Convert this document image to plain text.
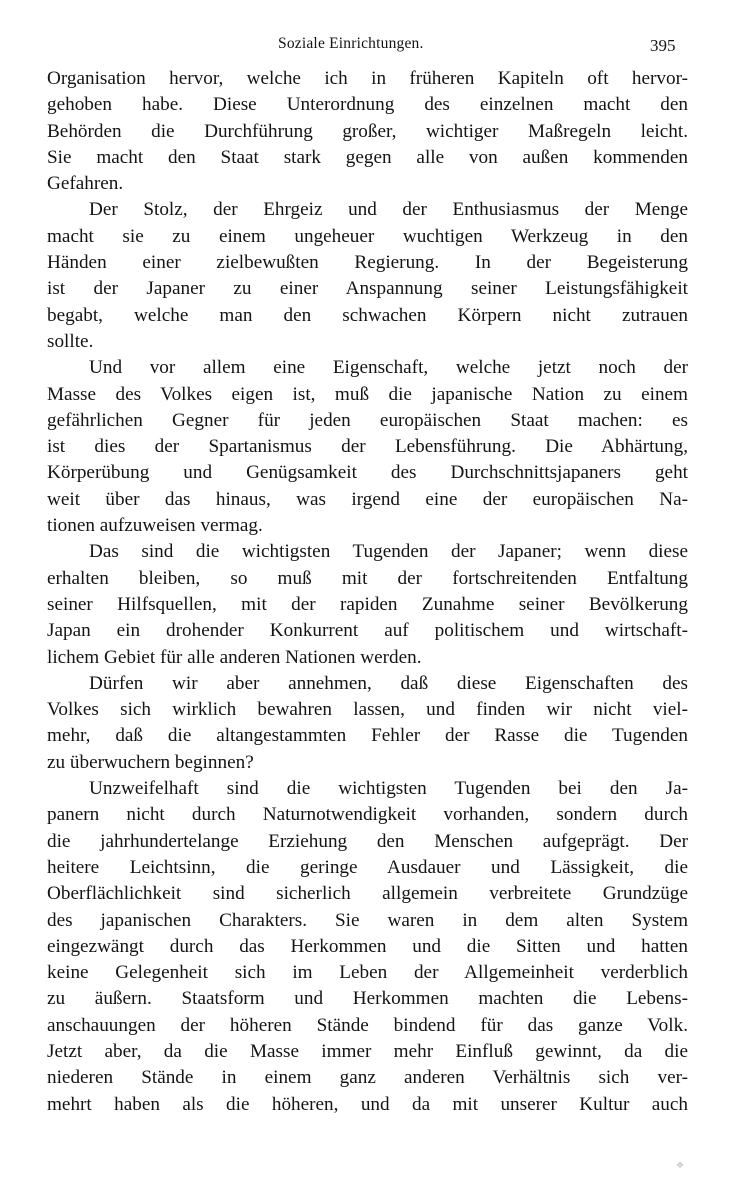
Soziale Einrichtungen.	395
Organisation hervor, welche ich in früheren Kapiteln oft hervor-
gehoben habe. Diese Unterordnung des einzelnen macht den
Behörden die Durchführung großer, wichtiger Maßregeln leicht.
Sie macht den Staat stark gegen alle von außen kommenden
Gefahren.
Der Stolz, der Ehrgeiz und der Enthusiasmus der Menge
macht sie zu einem ungeheuer wuchtigen Werkzeug in den
Händen einer zielbewußten Regierung. In der Begeisterung
ist der Japaner zu einer Anspannung seiner Leistungsfähigkeit
begabt, welche man den schwachen Körpern nicht zutrauen
sollte.
Und vor allem eine Eigenschaft, welche jetzt noch der
Masse des Volkes eigen ist, muß die japanische Nation zu einem
gefährlichen Gegner für jeden europäischen Staat machen: es
ist dies der Spartanismus der Lebensführung. Die Abhärtung,
Körperübung und Genügsamkeit des Durchschnittsjapaners geht
weit über das hinaus, was irgend eine der europäischen Na-
tionen aufzuweisen vermag.
Das sind die wichtigsten Tugenden der Japaner; wenn diese
erhalten bleiben, so muß mit der fortschreitenden Entfaltung
seiner Hilfsquellen, mit der rapiden Zunahme seiner Bevölkerung
Japan ein drohender Konkurrent auf politischem und wirtschaft-
lichem Gebiet für alle anderen Nationen werden.
Dürfen wir aber annehmen, daß diese Eigenschaften des
Volkes sich wirklich bewahren lassen, und finden wir nicht viel-
mehr, daß die altangestammten Fehler der Rasse die Tugenden
zu überwuchern beginnen?
Unzweifelhaft sind die wichtigsten Tugenden bei den Ja-
panern nicht durch Naturnotwendigkeit vorhanden, sondern durch
die jahrhundertelange Erziehung den Menschen aufgeprägt. Der
heitere Leichtsinn, die geringe Ausdauer und Lässigkeit, die
Oberflächlichkeit sind sicherlich allgemein verbreitete Grundzüge
des japanischen Charakters. Sie waren in dem alten System
eingezwängt durch das Herkommen und die Sitten und hatten
keine Gelegenheit sich im Leben der Allgemeinheit verderblich
zu äußern. Staatsform und Herkommen machten die Lebens-
anschauungen der höheren Stände bindend für das ganze Volk.
Jetzt aber, da die Masse immer mehr Einfluß gewinnt, da die
niederen Stände in einem ganz anderen Verhältnis sich ver-
mehrt haben als die höheren, und da mit unserer Kultur auch
❖
